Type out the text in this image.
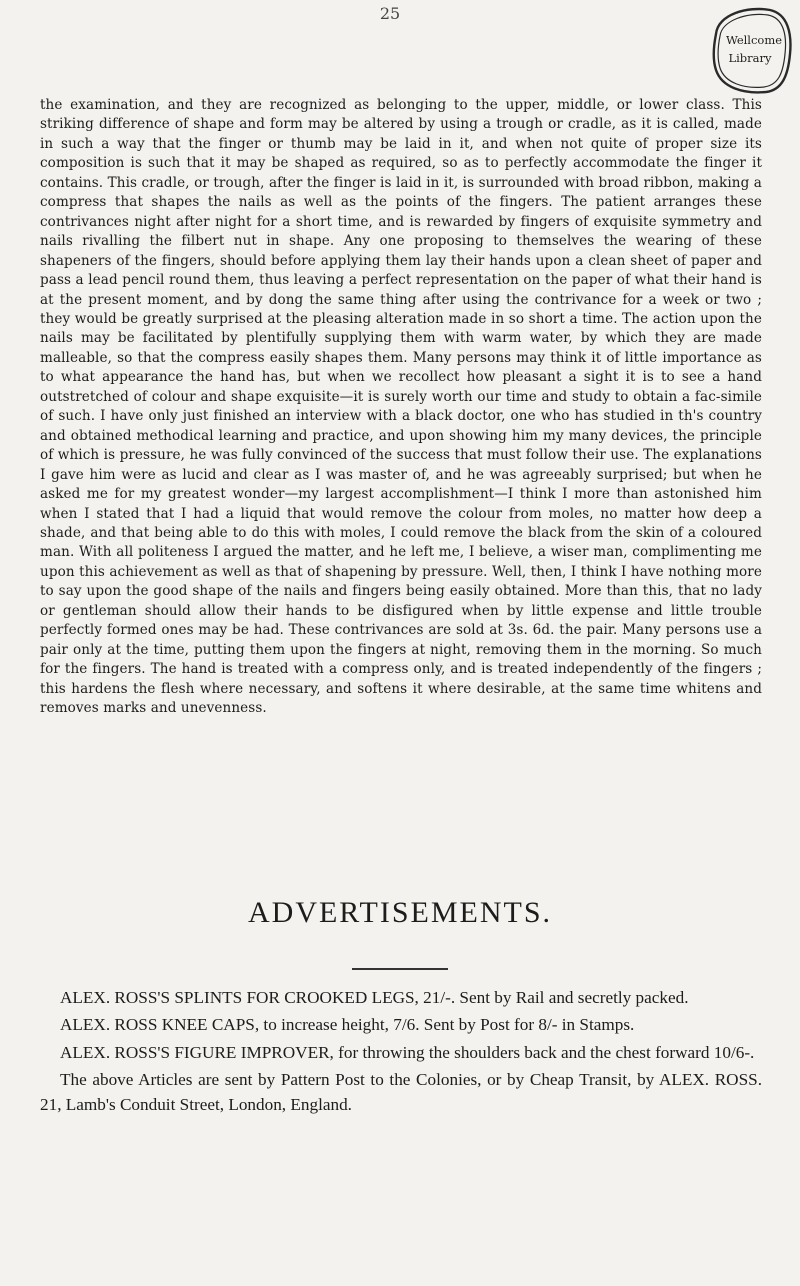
25
Wellcome
Library

the examination, and they are recognized as belonging to the upper, middle, or lower class. This striking difference of shape and form may be altered by using a trough or cradle, as it is called, made in such a way that the finger or thumb may be laid in it, and when not quite of proper size its composition is such that it may be shaped as required, so as to perfectly accommodate the finger it contains. This cradle, or trough, after the finger is laid in it, is surrounded with broad ribbon, making a compress that shapes the nails as well as the points of the fingers. The patient arranges these contrivances night after night for a short time, and is rewarded by fingers of exquisite symmetry and nails rivalling the filbert nut in shape. Any one proposing to themselves the wearing of these shapeners of the fingers, should before applying them lay their hands upon a clean sheet of paper and pass a lead pencil round them, thus leaving a perfect representation on the paper of what their hand is at the present moment, and by dong the same thing after using the contrivance for a week or two ; they would be greatly surprised at the pleasing alteration made in so short a time. The action upon the nails may be facilitated by plentifully supplying them with warm water, by which they are made malleable, so that the compress easily shapes them. Many persons may think it of little importance as to what appearance the hand has, but when we recollect how pleasant a sight it is to see a hand outstretched of colour and shape exquisite—it is surely worth our time and study to obtain a fac-simile of such. I have only just finished an interview with a black doctor, one who has studied in th's country and obtained methodical learning and practice, and upon showing him my many devices, the principle of which is pressure, he was fully convinced of the success that must follow their use. The explanations I gave him were as lucid and clear as I was master of, and he was agreeably surprised; but when he asked me for my greatest wonder—my largest accomplishment—I think I more than astonished him when I stated that I had a liquid that would remove the colour from moles, no matter how deep a shade, and that being able to do this with moles, I could remove the black from the skin of a coloured man. With all politeness I argued the matter, and he left me, I believe, a wiser man, complimenting me upon this achievement as well as that of shapening by pressure. Well, then, I think I have nothing more to say upon the good shape of the nails and fingers being easily obtained. More than this, that no lady or gentleman should allow their hands to be disfigured when by little expense and little trouble perfectly formed ones may be had. These contrivances are sold at 3s. 6d. the pair. Many persons use a pair only at the time, putting them upon the fingers at night, removing them in the morning. So much for the fingers. The hand is treated with a compress only, and is treated independently of the fingers ; this hardens the flesh where necessary, and softens it where desirable, at the same time whitens and removes marks and unevenness.

ADVERTISEMENTS.

ALEX. ROSS'S SPLINTS FOR CROOKED LEGS, 21/-. Sent by Rail and secretly packed.

ALEX. ROSS KNEE CAPS, to increase height, 7/6. Sent by Post for 8/- in Stamps.

ALEX. ROSS'S FIGURE IMPROVER, for throwing the shoulders back and the chest forward 10/6-.

The above Articles are sent by Pattern Post to the Colonies, or by Cheap Transit, by ALEX. ROSS. 21, Lamb's Conduit Street, London, England.
